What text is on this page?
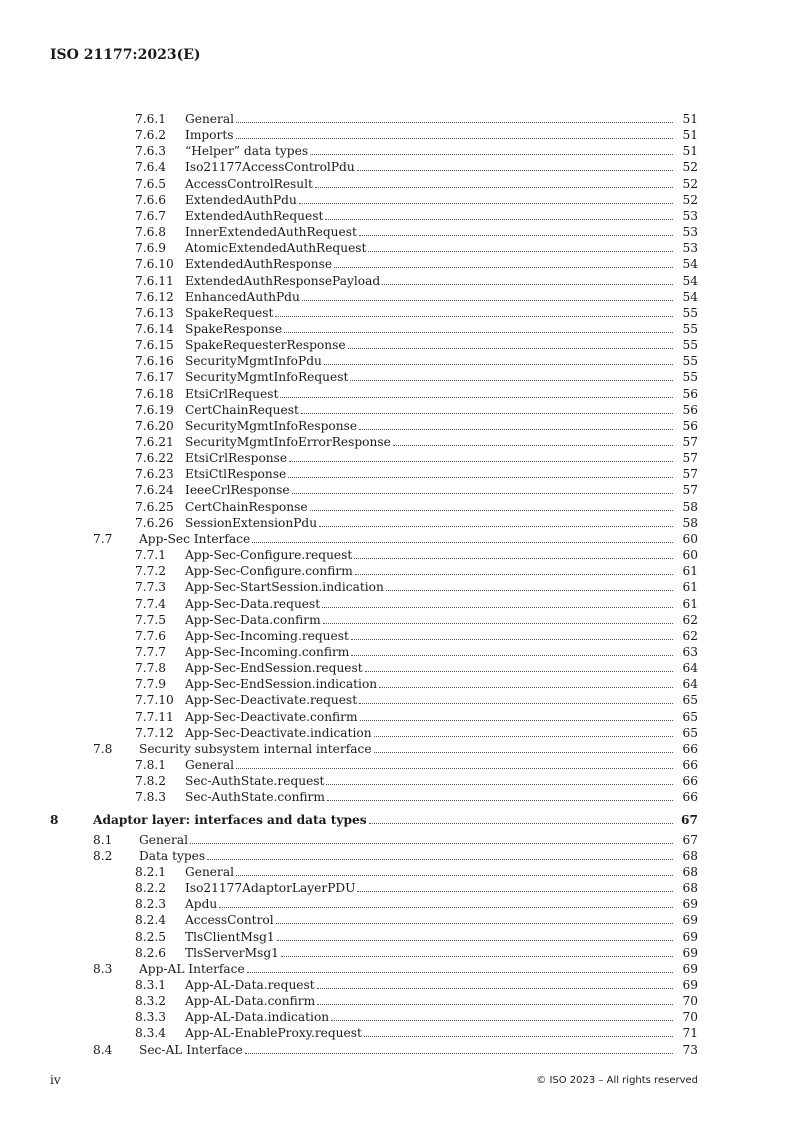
ISO 21177:2023(E)
7.6.1 General	51
7.6.2 Imports	51
7.6.3 “Helper” data types	51
7.6.4 Iso21177AccessControlPdu	52
7.6.5 AccessControlResult	52
7.6.6 ExtendedAuthPdu	52
7.6.7 ExtendedAuthRequest	53
7.6.8 InnerExtendedAuthRequest	53
7.6.9 AtomicExtendedAuthRequest	53
7.6.10 ExtendedAuthResponse	54
7.6.11 ExtendedAuthResponsePayload	54
7.6.12 EnhancedAuthPdu	54
7.6.13 SpakeRequest	55
7.6.14 SpakeResponse	55
7.6.15 SpakeRequesterResponse	55
7.6.16 SecurityMgmtInfoPdu	55
7.6.17 SecurityMgmtInfoRequest	55
7.6.18 EtsiCrlRequest	56
7.6.19 CertChainRequest	56
7.6.20 SecurityMgmtInfoResponse	56
7.6.21 SecurityMgmtInfoErrorResponse	57
7.6.22 EtsiCrlResponse	57
7.6.23 EtsiCtlResponse	57
7.6.24 IeeeCrlResponse	57
7.6.25 CertChainResponse	58
7.6.26 SessionExtensionPdu	58
7.7 App-Sec Interface	60
7.7.1 App-Sec-Configure.request	60
7.7.2 App-Sec-Configure.confirm	61
7.7.3 App-Sec-StartSession.indication	61
7.7.4 App-Sec-Data.request	61
7.7.5 App-Sec-Data.confirm	62
7.7.6 App-Sec-Incoming.request	62
7.7.7 App-Sec-Incoming.confirm	63
7.7.8 App-Sec-EndSession.request	64
7.7.9 App-Sec-EndSession.indication	64
7.7.10 App-Sec-Deactivate.request	65
7.7.11 App-Sec-Deactivate.confirm	65
7.7.12 App-Sec-Deactivate.indication	65
7.8 Security subsystem internal interface	66
7.8.1 General	66
7.8.2 Sec-AuthState.request	66
7.8.3 Sec-AuthState.confirm	66
8	Adaptor layer: interfaces and data types	67
8.1 General	67
8.2 Data types	68
8.2.1 General	68
8.2.2 Iso21177AdaptorLayerPDU	68
8.2.3 Apdu	69
8.2.4 AccessControl	69
8.2.5 TlsClientMsg1	69
8.2.6 TlsServerMsg1	69
8.3 App-AL Interface	69
8.3.1 App-AL-Data.request	69
8.3.2 App-AL-Data.confirm	70
8.3.3 App-AL-Data.indication	70
8.3.4 App-AL-EnableProxy.request	71
8.4 Sec-AL Interface	73
iv	© ISO 2023 – All rights reserved
